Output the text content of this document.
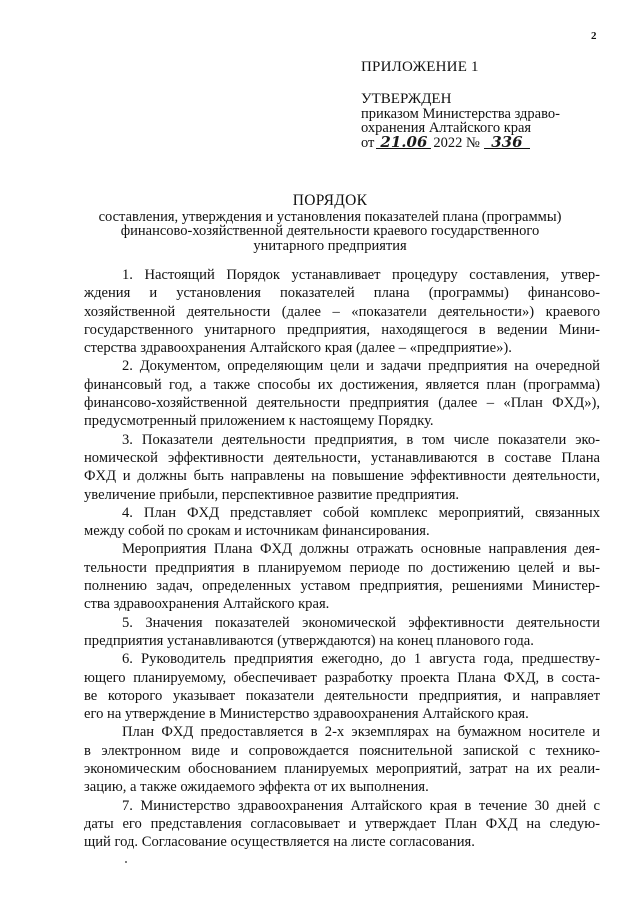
2
ПРИЛОЖЕНИЕ 1
УТВЕРЖДЕН
приказом Министерства здраво-
охранения Алтайского края
от 21.06 2022 № 336
ПОРЯДОК
составления, утверждения и установления показателей плана (программы)
финансово-хозяйственной деятельности краевого государственного
унитарного предприятия
1. Настоящий Порядок устанавливает процедуру составления, утвер-
ждения и установления показателей плана (программы) финансово-
хозяйственной деятельности (далее – «показатели деятельности») краевого
государственного унитарного предприятия, находящегося в ведении Мини-
стерства здравоохранения Алтайского края (далее – «предприятие»).
2. Документом, определяющим цели и задачи предприятия на очередной
финансовый год, а также способы их достижения, является план (программа)
финансово-хозяйственной деятельности предприятия (далее – «План ФХД»),
предусмотренный приложением к настоящему Порядку.
3. Показатели деятельности предприятия, в том числе показатели эко-
номической эффективности деятельности, устанавливаются в составе Плана
ФХД и должны быть направлены на повышение эффективности деятельности,
увеличение прибыли, перспективное развитие предприятия.
4. План ФХД представляет собой комплекс мероприятий, связанных
между собой по срокам и источникам финансирования.
Мероприятия Плана ФХД должны отражать основные направления дея-
тельности предприятия в планируемом периоде по достижению целей и вы-
полнению задач, определенных уставом предприятия, решениями Министер-
ства здравоохранения Алтайского края.
5. Значения показателей экономической эффективности деятельности
предприятия устанавливаются (утверждаются) на конец планового года.
6. Руководитель предприятия ежегодно, до 1 августа года, предшеству-
ющего планируемому, обеспечивает разработку проекта Плана ФХД, в соста-
ве которого указывает показатели деятельности предприятия, и направляет
его на утверждение в Министерство здравоохранения Алтайского края.
План ФХД предоставляется в 2-х экземплярах на бумажном носителе и
в электронном виде и сопровождается пояснительной запиской с технико-
экономическим обоснованием планируемых мероприятий, затрат на их реали-
зацию, а также ожидаемого эффекта от их выполнения.
7. Министерство здравоохранения Алтайского края в течение 30 дней с
даты его представления согласовывает и утверждает План ФХД на следую-
щий год. Согласование осуществляется на листе согласования.
